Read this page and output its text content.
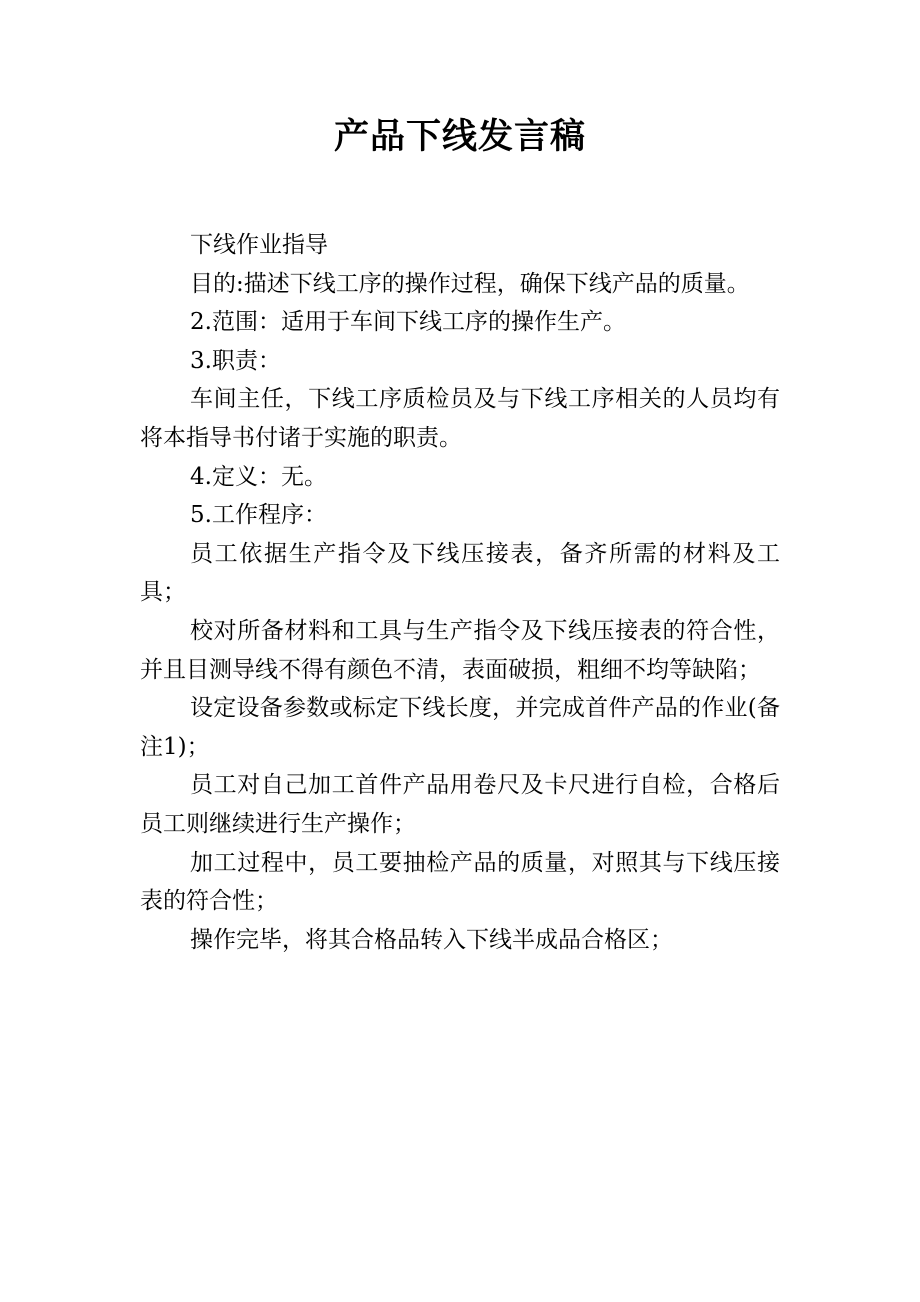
产品下线发言稿

下线作业指导

目的:描述下线工序的操作过程，确保下线产品的质量。

2.范围：适用于车间下线工序的操作生产。

3.职责：

车间主任，下线工序质检员及与下线工序相关的人员均有将本指导书付诸于实施的职责。

4.定义：无。

5.工作程序：

员工依据生产指令及下线压接表，备齐所需的材料及工具；

校对所备材料和工具与生产指令及下线压接表的符合性，并且目测导线不得有颜色不清，表面破损，粗细不均等缺陷；

设定设备参数或标定下线长度，并完成首件产品的作业(备注1)；

员工对自己加工首件产品用卷尺及卡尺进行自检，合格后员工则继续进行生产操作；

加工过程中，员工要抽检产品的质量，对照其与下线压接表的符合性；

操作完毕，将其合格品转入下线半成品合格区；
